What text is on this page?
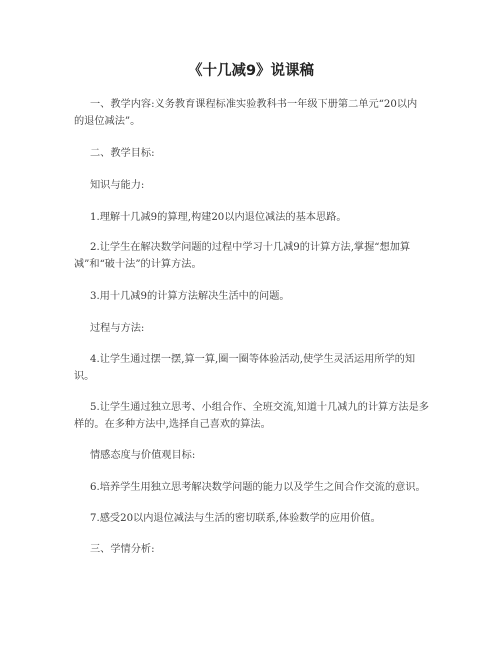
《十几减9》说课稿
一、教学内容:义务教育课程标准实验教科书一年级下册第二单元“20以内
的退位减法”。
二、教学目标:
知识与能力:
1.理解十几减9的算理,构建20以内退位减法的基本思路。
2.让学生在解决数学问题的过程中学习十几减9的计算方法,掌握“想加算
减”和“破十法”的计算方法。
3.用十几减9的计算方法解决生活中的问题。
过程与方法:
4.让学生通过摆一摆,算一算,圈一圈等体验活动,使学生灵活运用所学的知
识。
5.让学生通过独立思考、小组合作、全班交流,知道十几减九的计算方法是多
样的。在多种方法中,选择自己喜欢的算法。
情感态度与价值观目标:
6.培养学生用独立思考解决数学问题的能力以及学生之间合作交流的意识。
7.感受20以内退位减法与生活的密切联系,体验数学的应用价值。
三、学情分析:
